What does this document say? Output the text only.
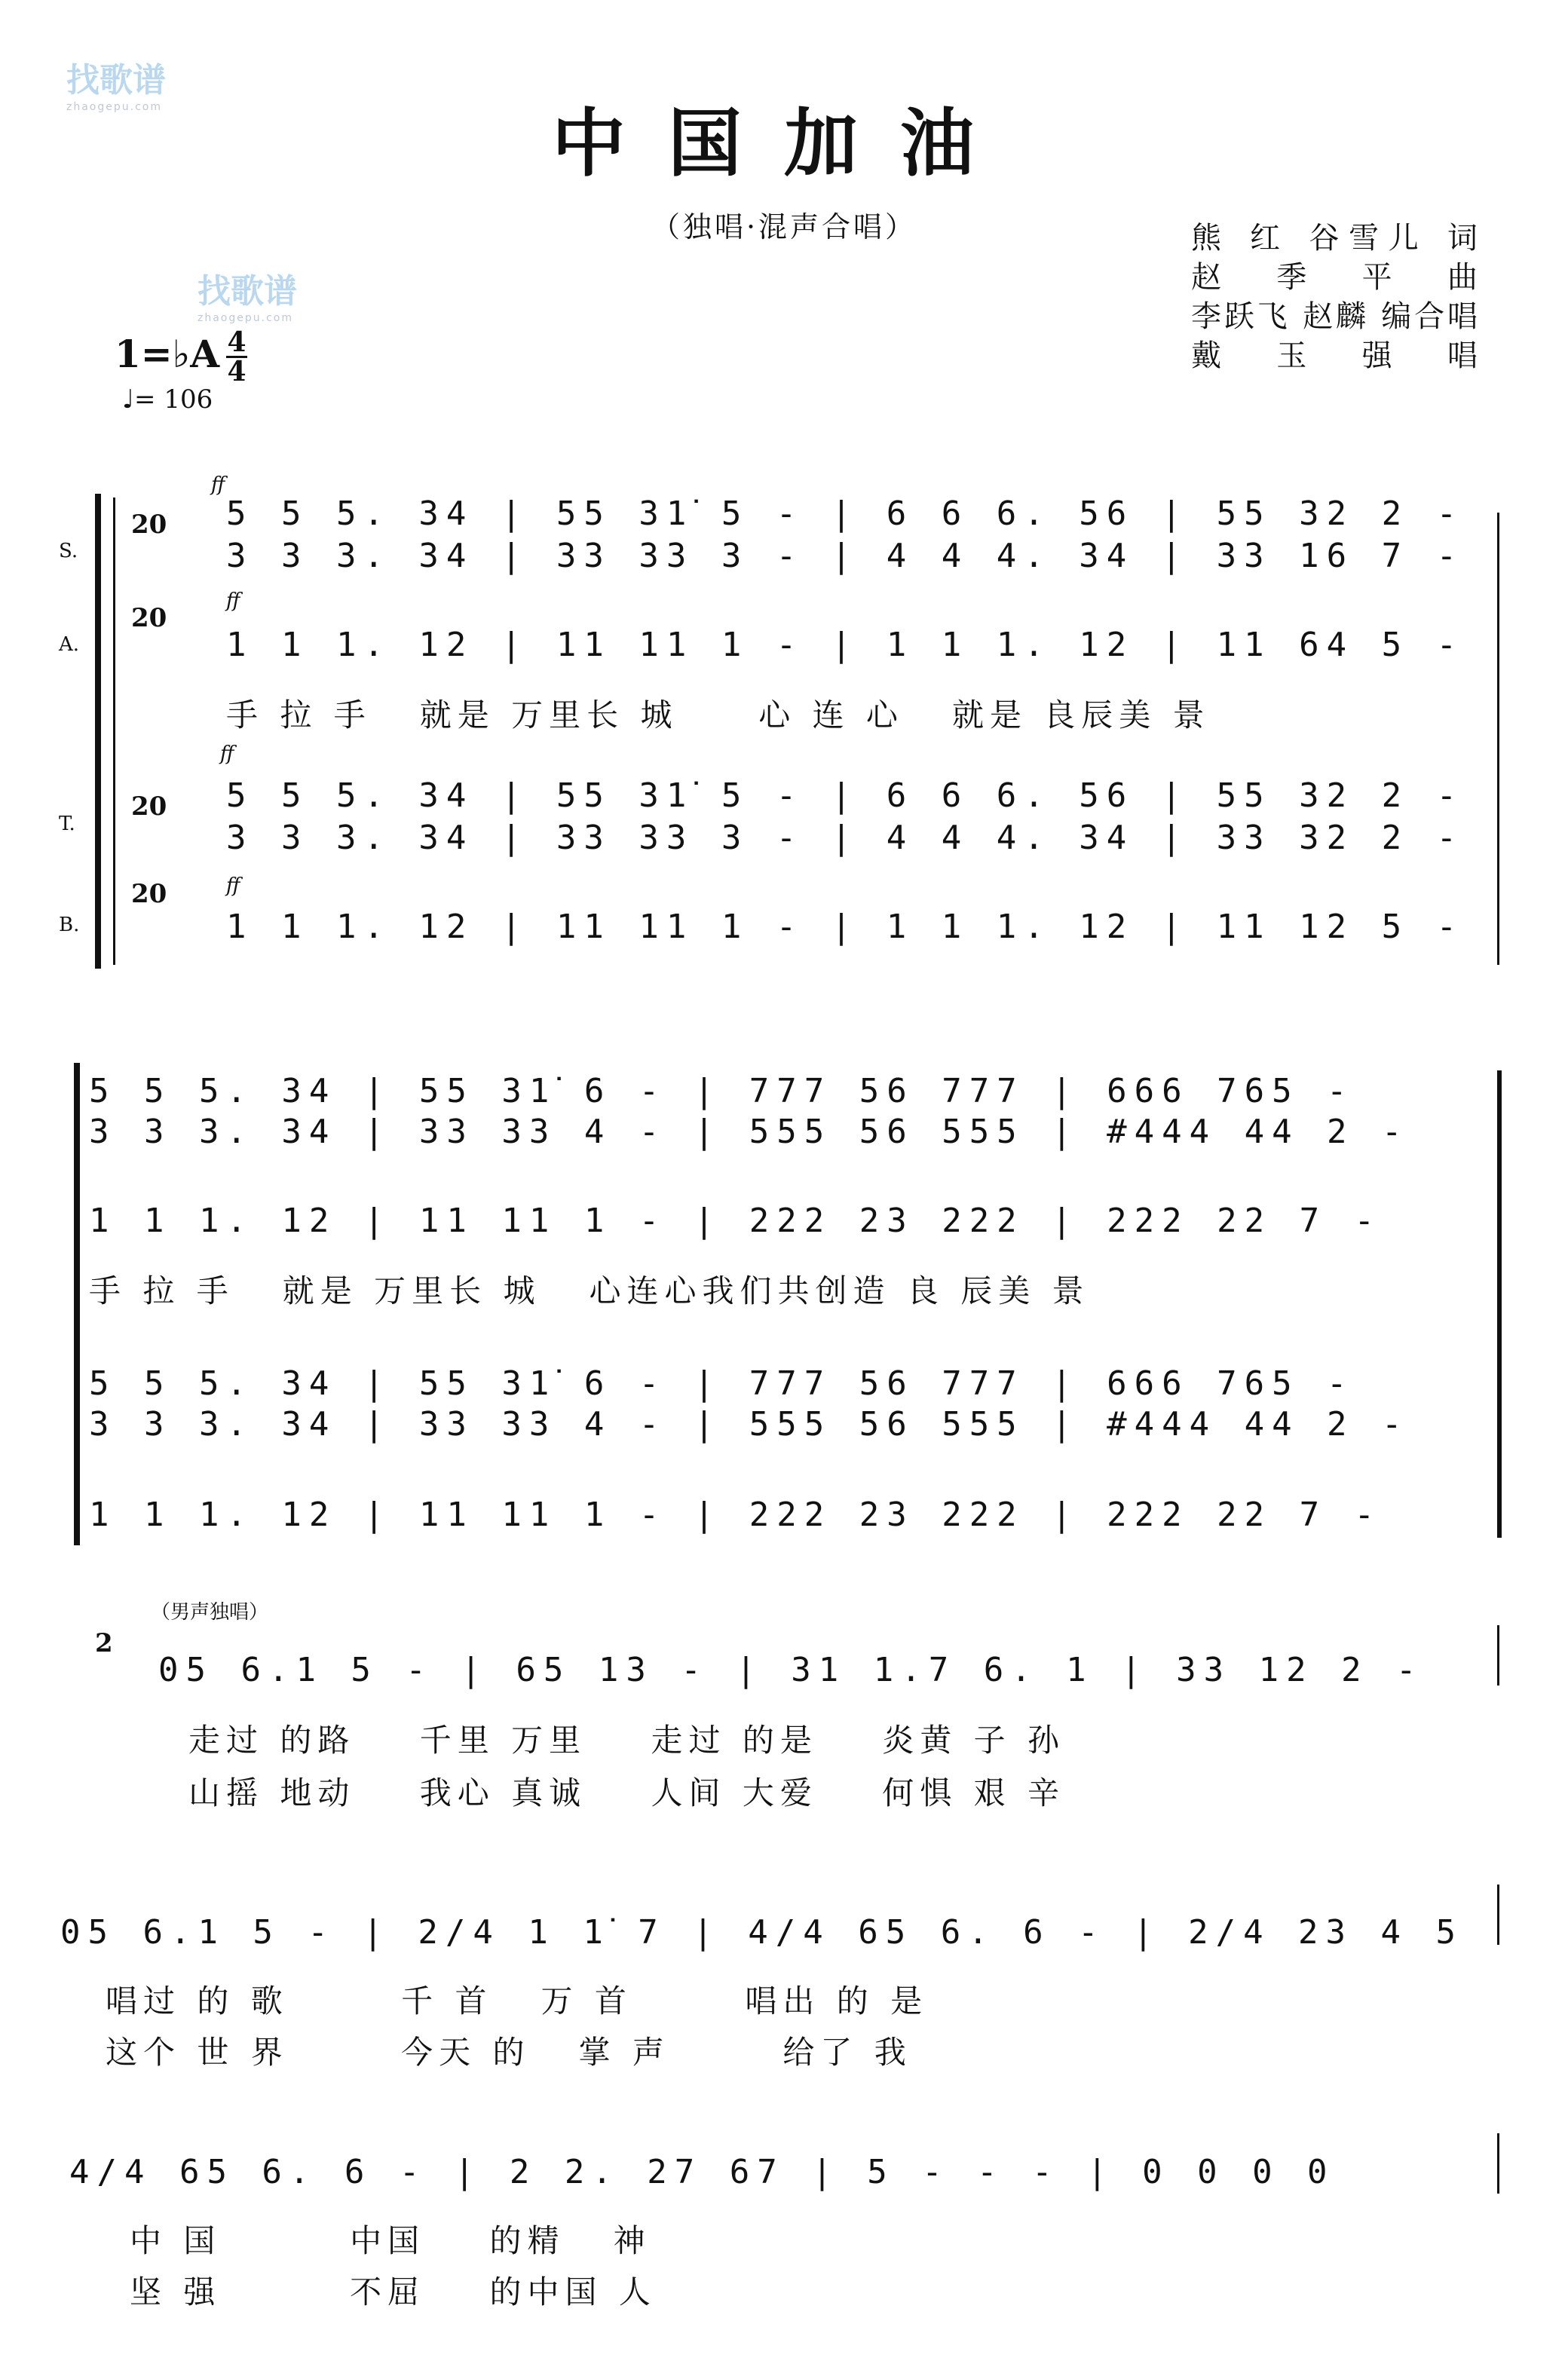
中国加油
（独唱·混声合唱）	熊 红 谷雪儿 词
赵 季 平 曲
李跃飞 赵麟 编合唱
戴 玉 强 唱
找歌谱
zhaogepu.com
找歌谱
zhaogepu.com
1=♭A 4
4
♩= 106
S.
A.
T.
B.
20
20
20
20
ff
ff
ff
ff
5 5 5. 34 | 55 31̇ 5 - | 6 6 6. 56 | 55 32 2 -
3 3 3. 34 | 33 33 3 - | 4 4 4. 34 | 33 16 7 -
1 1 1. 12 | 11 11 1 - | 1 1 1. 12 | 11 64 5 -
手 拉 手   就是 万里长 城     心 连 心   就是 良辰美 景
5 5 5. 34 | 55 31̇ 5 - | 6 6 6. 56 | 55 32 2 -
3 3 3. 34 | 33 33 3 - | 4 4 4. 34 | 33 32 2 -
1 1 1. 12 | 11 11 1 - | 1 1 1. 12 | 11 12 5 -
5 5 5. 34 | 55 31̇ 6 - | 777 56 777 | 666 765 -
3 3 3. 34 | 33 33 4 - | 555 56 555 | #444 44 2 -
1 1 1. 12 | 11 11 1 - | 222 23 222 | 222 22 7 -
手 拉 手   就是 万里长 城   心连心我们共创造 良 辰美 景
5 5 5. 34 | 55 31̇ 6 - | 777 56 777 | 666 765 -
3 3 3. 34 | 33 33 4 - | 555 56 555 | #444 44 2 -
1 1 1. 12 | 11 11 1 - | 222 23 222 | 222 22 7 -
（男声独唱）
2
05 6.1 5 - | 65 13 - | 31 1.7 6. 1 | 33 12 2 -
走过 的路    千里 万里    走过 的是    炎黄 子 孙
山摇 地动    我心 真诚    人间 大爱    何惧 艰 辛
05 6.1 5 - | 2/4 1 1̇ 7 | 4/4 65 6. 6 - | 2/4 23 4 5
唱过 的 歌       千 首   万 首       唱出 的 是
这个 世 界       今天 的   掌 声       给了 我
4/4 65 6. 6 - | 2 2. 27 67 | 5 - - - | 0 0 0 0
中 国        中国    的精   神
坚 强        不屈    的中国 人
